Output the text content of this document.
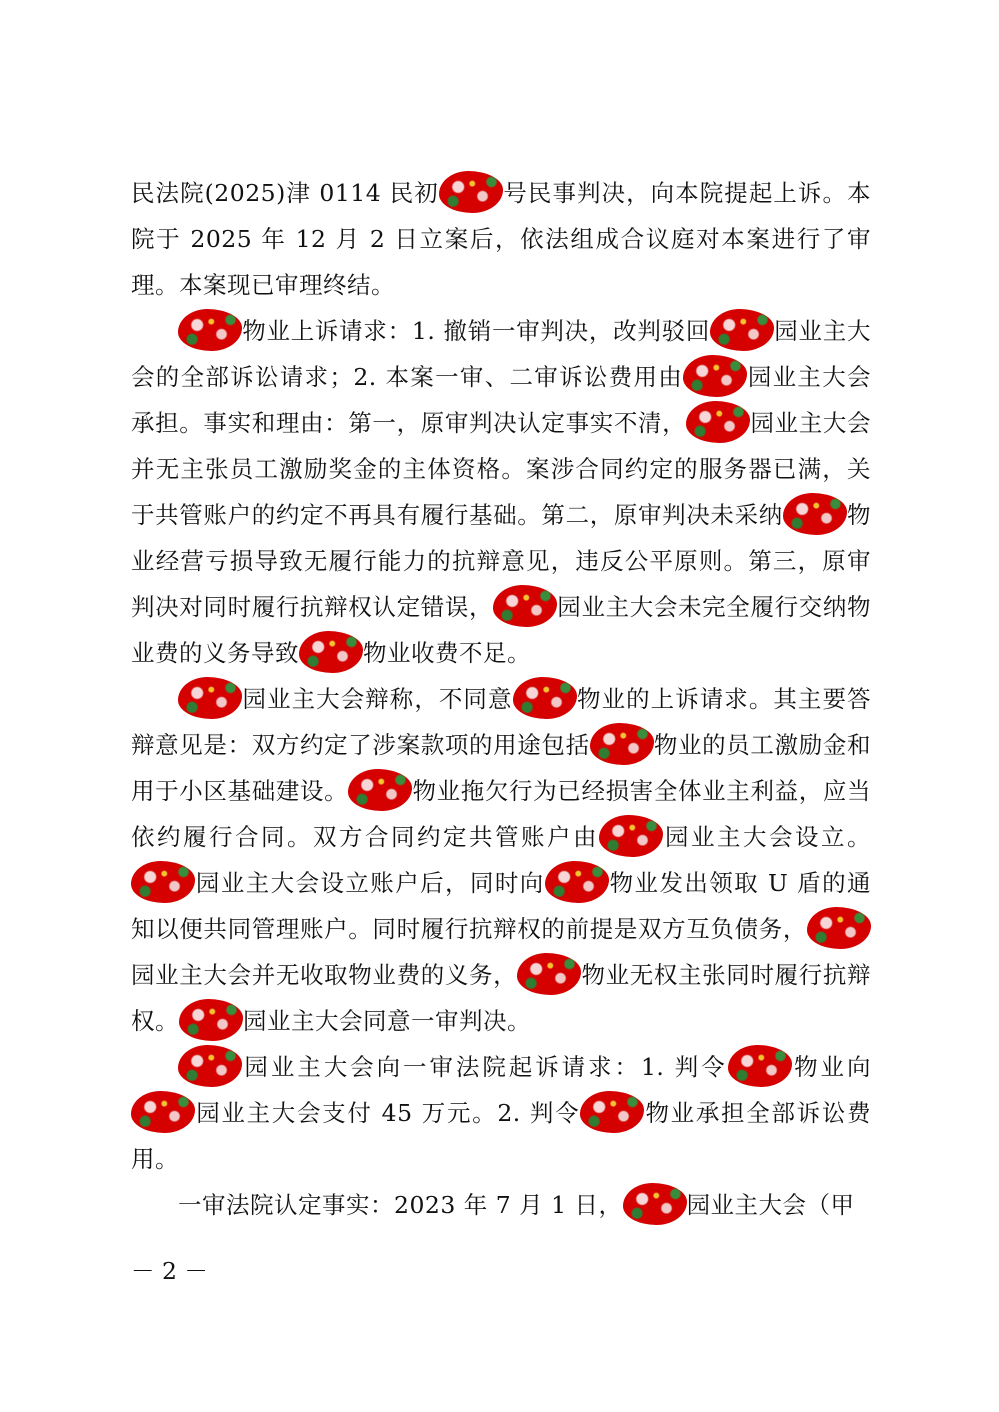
民法院(2025)津 0114 民初	号民事判决，向本院提起上诉。本院于 2025 年 12 月 2 日立案后，依法组成合议庭对本案进行了审理。本案现已审理终结。

物业上诉请求：1. 撤销一审判决，改判驳回	园业主大会的全部诉讼请求；2. 本案一审、二审诉讼费用由	园业主大会承担。事实和理由：第一，原审判决认定事实不清，	园业主大会并无主张员工激励奖金的主体资格。案涉合同约定的服务器已满，关于共管账户的约定不再具有履行基础。第二，原审判决未采纳	物业经营亏损导致无履行能力的抗辩意见，违反公平原则。第三，原审判决对同时履行抗辩权认定错误，	园业主大会未完全履行交纳物业费的义务导致	物业收费不足。

园业主大会辩称，不同意	物业的上诉请求。其主要答辩意见是：双方约定了涉案款项的用途包括	物业的员工激励金和用于小区基础建设。	物业拖欠行为已经损害全体业主利益，应当依约履行合同。双方合同约定共管账户由	园业主大会设立。园业主大会设立账户后，同时向	物业发出领取 U 盾的通知以便共同管理账户。同时履行抗辩权的前提是双方互负债务，园业主大会并无收取物业费的义务，	物业无权主张同时履行抗辩权。	园业主大会同意一审判决。

园业主大会向一审法院起诉请求：1. 判令	物业向园业主大会支付 45 万元。2. 判令	物业承担全部诉讼费用。

一审法院认定事实：2023 年 7 月 1 日，	园业主大会（甲

－ 2 －
